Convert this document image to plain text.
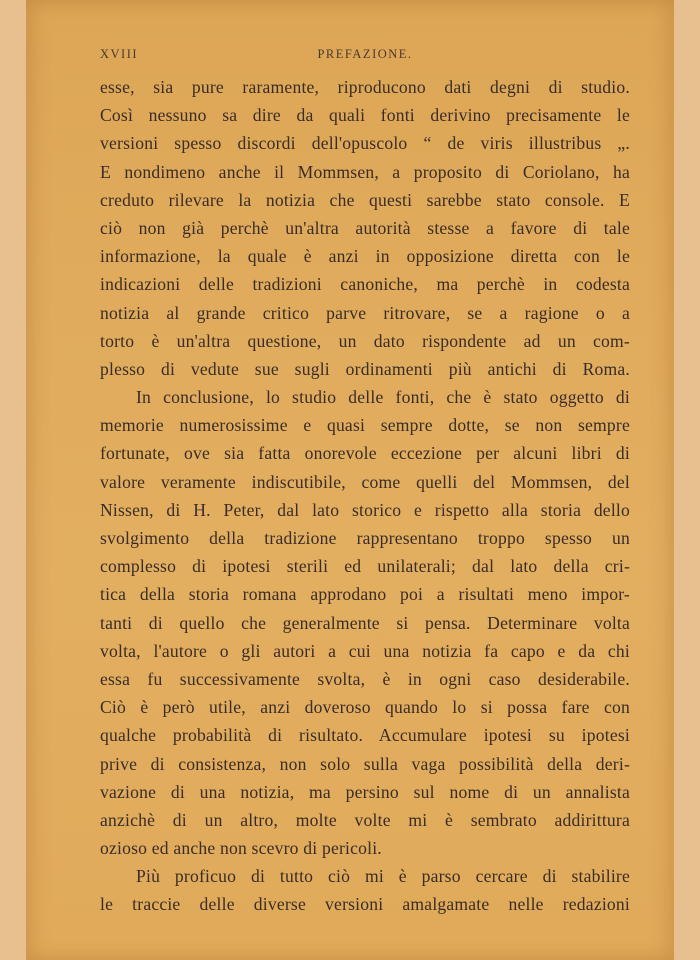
XVIII	PREFAZIONE.
esse, sia pure raramente, riproducono dati degni di studio.
Così nessuno sa dire da quali fonti derivino precisamente le
versioni spesso discordi dell'opuscolo “ de viris illustribus „.
E nondimeno anche il Mommsen, a proposito di Coriolano, ha
creduto rilevare la notizia che questi sarebbe stato console. E
ciò non già perchè un'altra autorità stesse a favore di tale
informazione, la quale è anzi in opposizione diretta con le
indicazioni delle tradizioni canoniche, ma perchè in codesta
notizia al grande critico parve ritrovare, se a ragione o a
torto è un'altra questione, un dato rispondente ad un com-
plesso di vedute sue sugli ordinamenti più antichi di Roma.
In conclusione, lo studio delle fonti, che è stato oggetto di
memorie numerosissime e quasi sempre dotte, se non sempre
fortunate, ove sia fatta onorevole eccezione per alcuni libri di
valore veramente indiscutibile, come quelli del Mommsen, del
Nissen, di H. Peter, dal lato storico e rispetto alla storia dello
svolgimento della tradizione rappresentano troppo spesso un
complesso di ipotesi sterili ed unilaterali; dal lato della cri-
tica della storia romana approdano poi a risultati meno impor-
tanti di quello che generalmente si pensa. Determinare volta
volta, l'autore o gli autori a cui una notizia fa capo e da chi
essa fu successivamente svolta, è in ogni caso desiderabile.
Ciò è però utile, anzi doveroso quando lo si possa fare con
qualche probabilità di risultato. Accumulare ipotesi su ipotesi
prive di consistenza, non solo sulla vaga possibilità della deri-
vazione di una notizia, ma persino sul nome di un annalista
anzichè di un altro, molte volte mi è sembrato addirittura
ozioso ed anche non scevro di pericoli.
Più proficuo di tutto ciò mi è parso cercare di stabilire
le traccie delle diverse versioni amalgamate nelle redazioni
